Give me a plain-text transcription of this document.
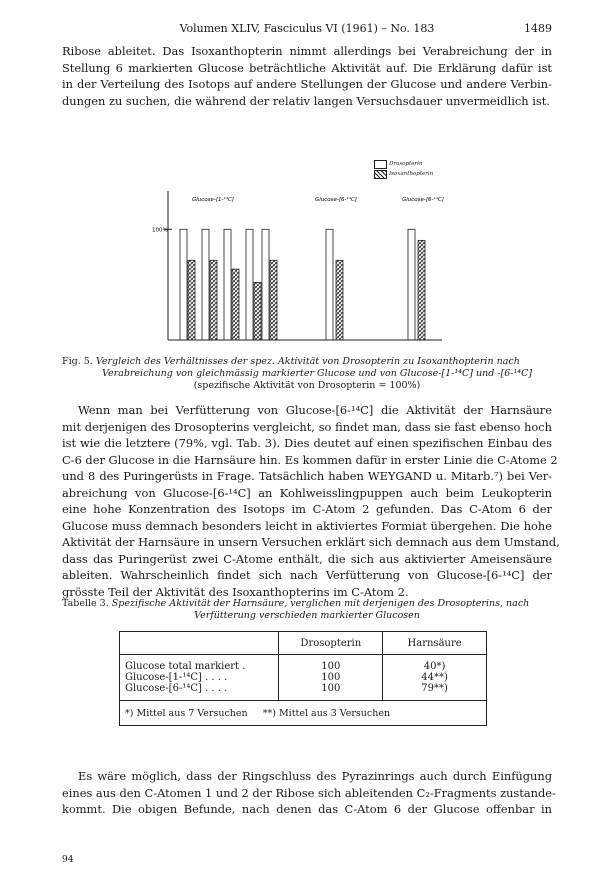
Volumen XLIV, Fasciculus VI (1961) – No. 183	1489
Ribose ableitet. Das Isoxanthopterin nimmt allerdings bei Verabreichung der in
Stellung 6 markierten Glucose beträchtliche Aktivität auf. Die Erklärung dafür ist
in der Verteilung des Isotops auf andere Stellungen der Glucose und andere Verbin-
dungen zu suchen, die während der relativ langen Versuchsdauer unvermeidlich ist.
Drosopterin
Isoxanthopterin
100%
Glucose-[1-¹⁴C]	Glucose-[6-¹⁴C]	Glucose-[6-¹⁴C]
Fig. 5. Vergleich des Verhältnisses der spez. Aktivität von Drosopterin zu Isoxanthopterin nach
Verabreichung von gleichmässig markierter Glucose und von Glucose-[1-¹⁴C] und -[6-¹⁴C]
(spezifische Aktivität von Drosopterin = 100%)
Wenn man bei Verfütterung von Glucose-[6-¹⁴C] die Aktivität der Harnsäure
mit derjenigen des Drosopterins vergleicht, so findet man, dass sie fast ebenso hoch
ist wie die letztere (79%, vgl. Tab. 3). Dies deutet auf einen spezifischen Einbau des
C-6 der Glucose in die Harnsäure hin. Es kommen dafür in erster Linie die C-Atome 2
und 8 des Puringerüsts in Frage. Tatsächlich haben WEYGAND u. Mitarb.⁷) bei Ver-
abreichung von Glucose-[6-¹⁴C] an Kohlweisslingpuppen auch beim Leukopterin
eine hohe Konzentration des Isotops im C-Atom 2 gefunden. Das C-Atom 6 der
Glucose muss demnach besonders leicht in aktiviertes Formiat übergehen. Die hohe
Aktivität der Harnsäure in unsern Versuchen erklärt sich demnach aus dem Umstand,
dass das Puringerüst zwei C-Atome enthält, die sich aus aktivierter Ameisensäure
ableiten. Wahrscheinlich findet sich nach Verfütterung von Glucose-[6-¹⁴C] der
grösste Teil der Aktivität des Isoxanthopterins im C-Atom 2.
Tabelle 3. Spezifische Aktivität der Harnsäure, verglichen mit derjenigen des Drosopterins, nach
Verfütterung verschieden markierter Glucosen
	Drosopterin	Harnsäure
Glucose total markiert .	100	40*)
Glucose-[1-¹⁴C] . . . .	100	44**)
Glucose-[6-¹⁴C] . . . .	100	79**)
*) Mittel aus 7 Versuchen     **) Mittel aus 3 Versuchen		
Es wäre möglich, dass der Ringschluss des Pyrazinrings auch durch Einfügung
eines aus den C-Atomen 1 und 2 der Ribose sich ableitenden C₂-Fragments zustande-
kommt. Die obigen Befunde, nach denen das C-Atom 6 der Glucose offenbar in
94
